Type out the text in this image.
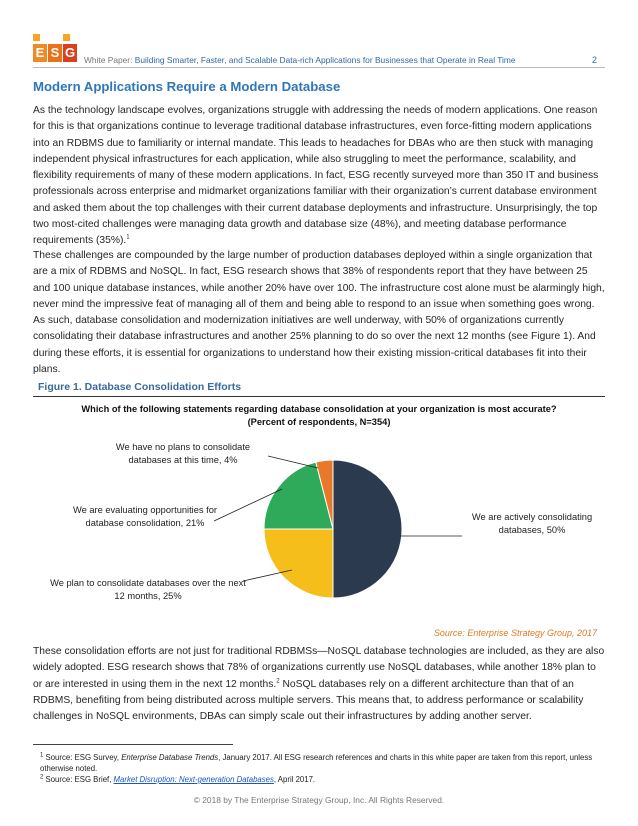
E S G White Paper: Building Smarter, Faster, and Scalable Data-rich Applications for Businesses that Operate in Real Time	2
Modern Applications Require a Modern Database

As the technology landscape evolves, organizations struggle with addressing the needs of modern applications. One reason for this is that organizations continue to leverage traditional database infrastructures, even force-fitting modern applications into an RDBMS due to familiarity or internal mandate. This leads to headaches for DBAs who are then stuck with managing independent physical infrastructures for each application, while also struggling to meet the performance, scalability, and flexibility requirements of many of these modern applications. In fact, ESG recently surveyed more than 350 IT and business professionals across enterprise and midmarket organizations familiar with their organization’s current database environment and asked them about the top challenges with their current database deployments and infrastructure. Unsurprisingly, the top two most-cited challenges were managing data growth and database size (48%), and meeting database performance requirements (35%).$^1$

These challenges are compounded by the large number of production databases deployed within a single organization that are a mix of RDBMS and NoSQL. In fact, ESG research shows that 38% of respondents report that they have between 25 and 100 unique database instances, while another 20% have over 100. The infrastructure cost alone must be alarmingly high, never mind the impressive feat of managing all of them and being able to respond to an issue when something goes wrong. As such, database consolidation and modernization initiatives are well underway, with 50% of organizations currently consolidating their database infrastructures and another 25% planning to do so over the next 12 months (see Figure 1). And during these efforts, it is essential for organizations to understand how their existing mission-critical databases fit into their plans.

Figure 1. Database Consolidation Efforts
Which of the following statements regarding database consolidation at your organization is most accurate? (Percent of respondents, N=354)
We have no plans to consolidate databases at this time, 4%
We are evaluating opportunities for database consolidation, 21%
We are actively consolidating databases, 50%
We plan to consolidate databases over the next 12 months, 25%
Source: Enterprise Strategy Group, 2017

These consolidation efforts are not just for traditional RDBMSs—NoSQL database technologies are included, as they are also widely adopted. ESG research shows that 78% of organizations currently use NoSQL databases, while another 18% plan to or are interested in using them in the next 12 months.$^2$ NoSQL databases rely on a different architecture than that of an RDBMS, benefiting from being distributed across multiple servers. This means that, to address performance or scalability challenges in NoSQL environments, DBAs can simply scale out their infrastructures by adding another server.

$^1$ Source: ESG Survey, Enterprise Database Trends, January 2017. All ESG research references and charts in this white paper are taken from this report, unless otherwise noted.

$^2$ Source: ESG Brief, Market Disruption: Next-generation Databases, April 2017.

© 2018 by The Enterprise Strategy Group, Inc. All Rights Reserved.
